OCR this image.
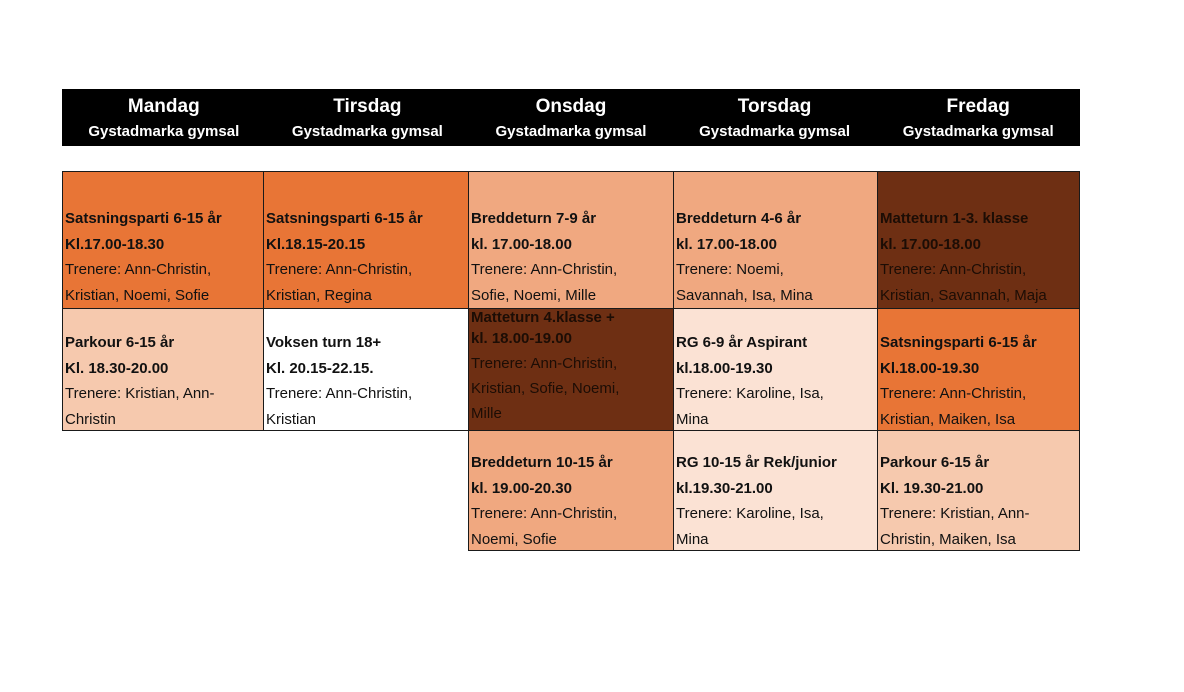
Mandag
Gystadmarka gymsal
Tirsdag
Gystadmarka gymsal
Onsdag
Gystadmarka gymsal
Torsdag
Gystadmarka gymsal
Fredag
Gystadmarka gymsal
Satsningsparti 6-15 år
Kl.17.00-18.30
Trenere: Ann-Christin,
Kristian, Noemi, Sofie
Parkour 6-15 år
Kl. 18.30-20.00
Trenere: Kristian, Ann-
Christin
Satsningsparti 6-15 år
Kl.18.15-20.15
Trenere: Ann-Christin,
Kristian, Regina
Voksen turn 18+
Kl. 20.15-22.15.
Trenere: Ann-Christin,
Kristian
Breddeturn 7-9 år
kl. 17.00-18.00
Trenere: Ann-Christin,
Sofie, Noemi, Mille
Matteturn 4.klasse +
kl. 18.00-19.00
Trenere: Ann-Christin,
Kristian, Sofie, Noemi,
Mille
Breddeturn 10-15 år
kl. 19.00-20.30
Trenere: Ann-Christin,
Noemi, Sofie
Breddeturn 4-6 år
kl. 17.00-18.00
Trenere: Noemi,
Savannah, Isa, Mina
RG 6-9 år Aspirant
kl.18.00-19.30
Trenere: Karoline, Isa,
Mina
RG 10-15 år Rek/junior
kl.19.30-21.00
Trenere: Karoline, Isa,
Mina
Matteturn 1-3. klasse
kl. 17.00-18.00
Trenere: Ann-Christin,
Kristian, Savannah, Maja
Satsningsparti 6-15 år
Kl.18.00-19.30
Trenere: Ann-Christin,
Kristian, Maiken, Isa
Parkour 6-15 år
Kl. 19.30-21.00
Trenere: Kristian, Ann-
Christin, Maiken, Isa
